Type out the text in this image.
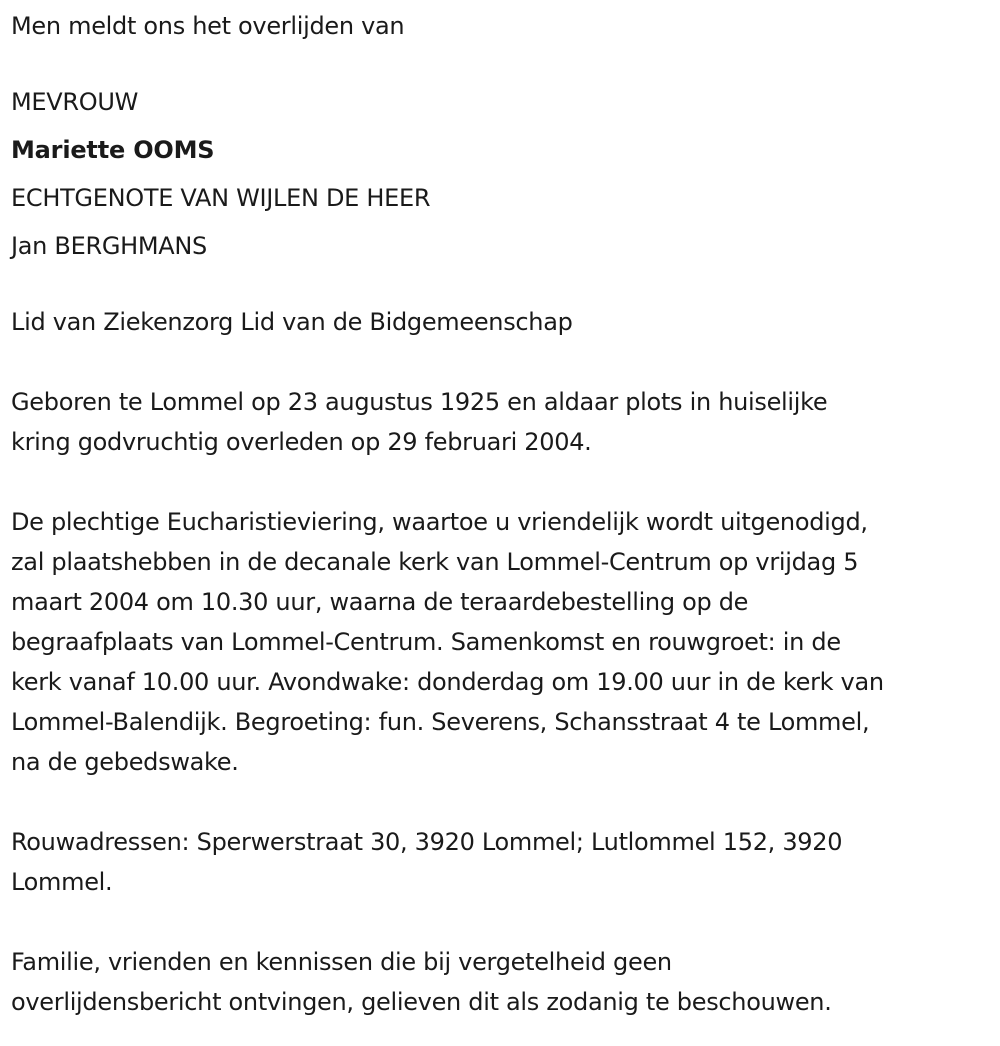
Men meldt ons het overlijden van

MEVROUW

Mariette OOMS

ECHTGENOTE VAN WIJLEN DE HEER

Jan BERGHMANS

Lid van Ziekenzorg Lid van de Bidgemeenschap

Geboren te Lommel op 23 augustus 1925 en aldaar plots in huiselijke

kring godvruchtig overleden op 29 februari 2004.

De plechtige Eucharistieviering, waartoe u vriendelijk wordt uitgenodigd,

zal plaatshebben in de decanale kerk van Lommel-Centrum op vrijdag 5

maart 2004 om 10.30 uur, waarna de teraardebestelling op de

begraafplaats van Lommel-Centrum. Samenkomst en rouwgroet: in de

kerk vanaf 10.00 uur. Avondwake: donderdag om 19.00 uur in de kerk van

Lommel-Balendijk. Begroeting: fun. Severens, Schansstraat 4 te Lommel,

na de gebedswake.

Rouwadressen: Sperwerstraat 30, 3920 Lommel; Lutlommel 152, 3920

Lommel.

Familie, vrienden en kennissen die bij vergetelheid geen

overlijdensbericht ontvingen, gelieven dit als zodanig te beschouwen.
